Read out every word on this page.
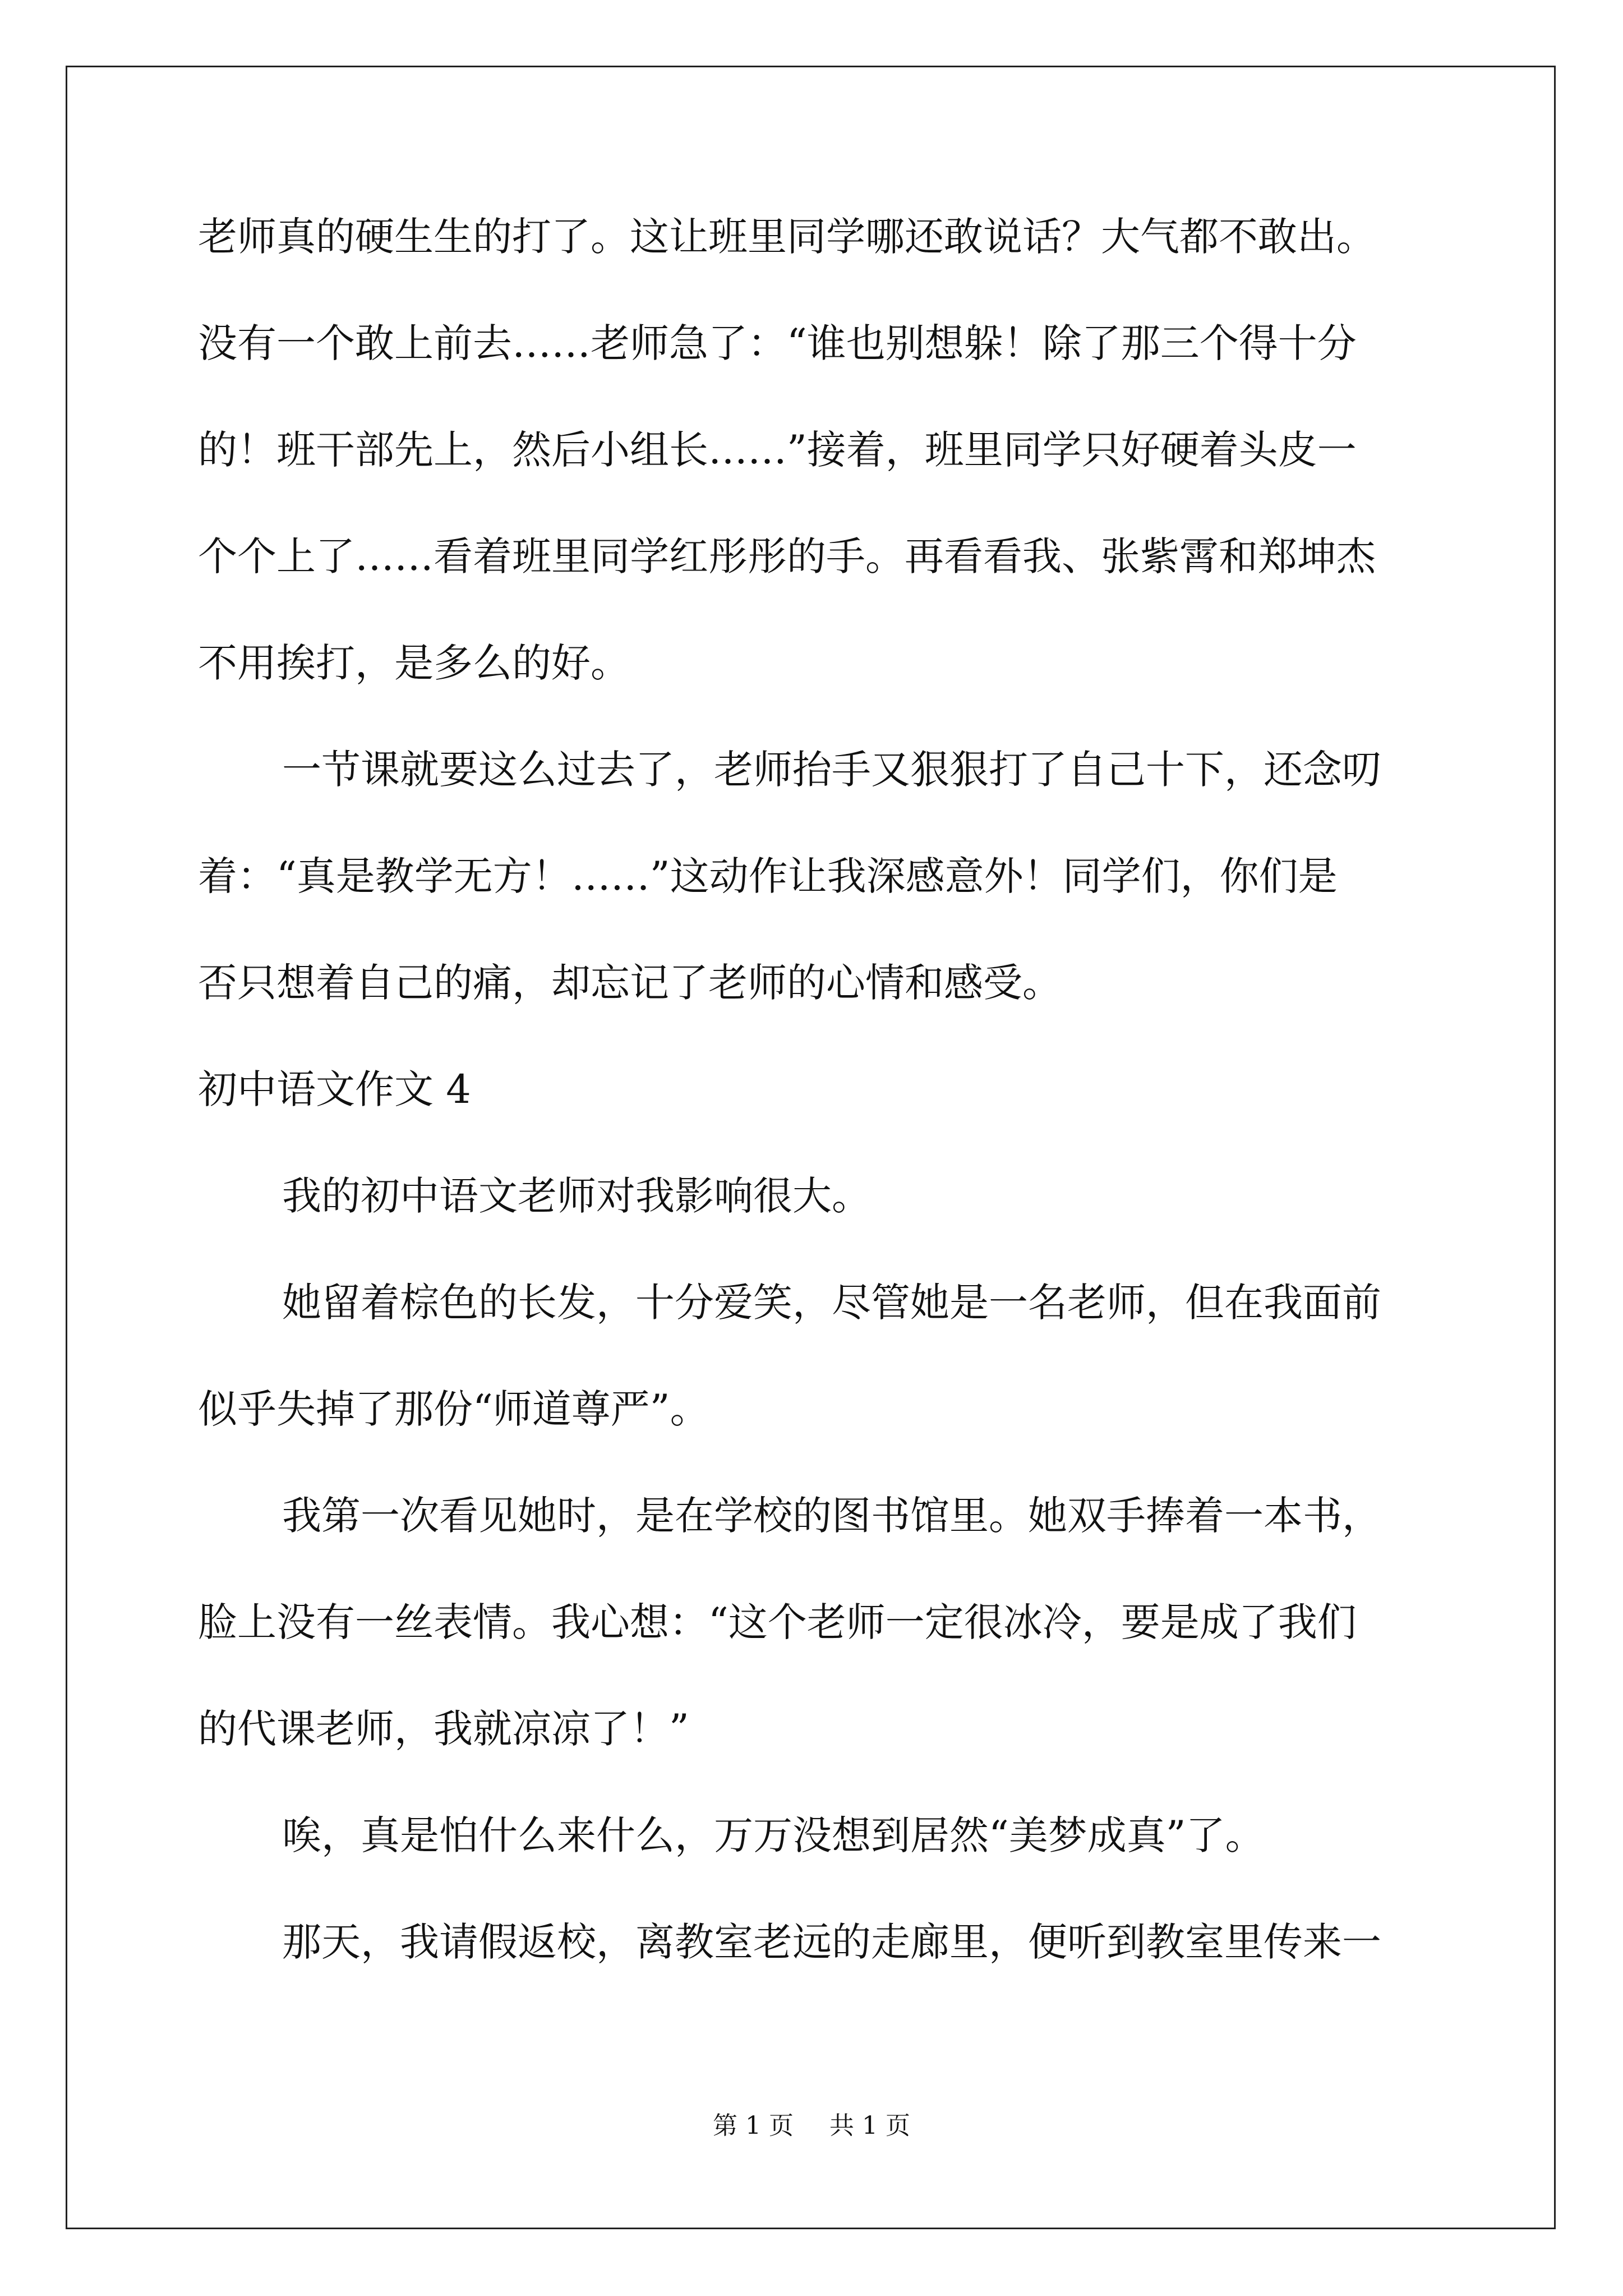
老师真的硬生生的打了。这让班里同学哪还敢说话？大气都不敢出。
没有一个敢上前去……老师急了：“谁也别想躲！除了那三个得十分
的！班干部先上，然后小组长……”接着，班里同学只好硬着头皮一
个个上了……看着班里同学红彤彤的手。再看看我、张紫霄和郑坤杰
不用挨打，是多么的好。
一节课就要这么过去了，老师抬手又狠狠打了自己十下，还念叨
着：“真是教学无方！……”这动作让我深感意外！同学们，你们是
否只想着自己的痛，却忘记了老师的心情和感受。
初中语文作文 4
我的初中语文老师对我影响很大。
她留着棕色的长发，十分爱笑，尽管她是一名老师，但在我面前
似乎失掉了那份“师道尊严”。
我第一次看见她时，是在学校的图书馆里。她双手捧着一本书，
脸上没有一丝表情。我心想：“这个老师一定很冰冷，要是成了我们
的代课老师，我就凉凉了！”
唉，真是怕什么来什么，万万没想到居然“美梦成真”了。
那天，我请假返校，离教室老远的走廊里，便听到教室里传来一
第 1 页 共 1 页
